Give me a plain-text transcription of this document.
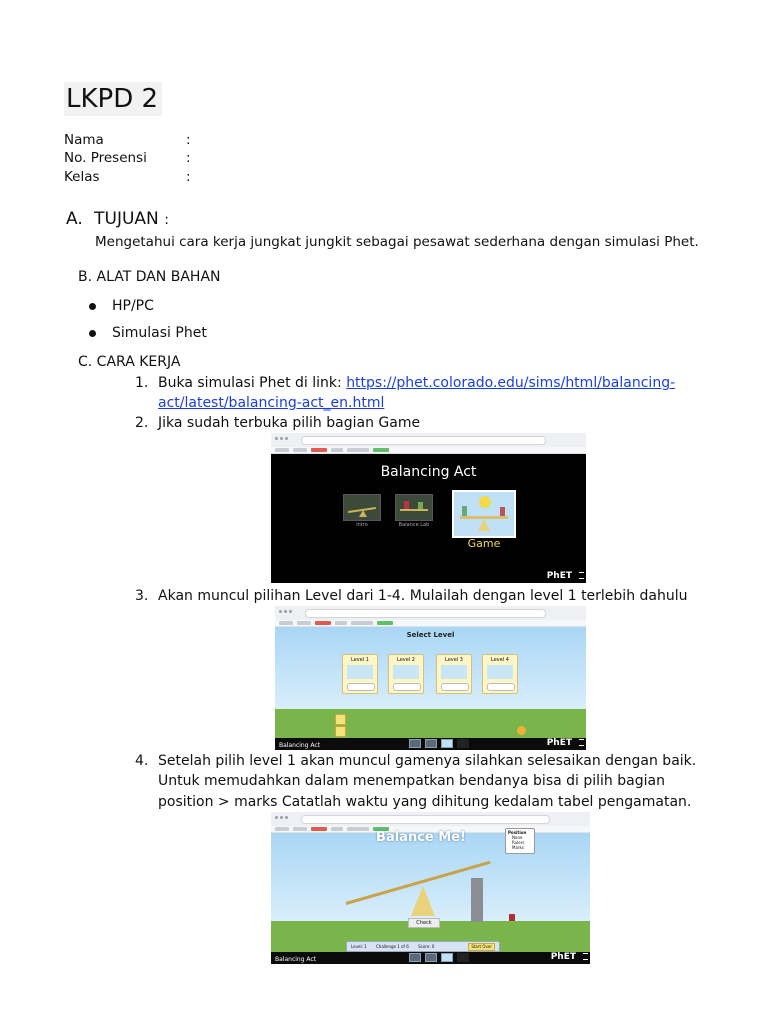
LKPD 2
Nama	:
No. Presensi	:
Kelas	:
A. TUJUAN :
Mengetahui cara kerja jungkat jungkit sebagai pesawat sederhana dengan simulasi Phet.
B. ALAT DAN BAHAN
HP/PC
Simulasi Phet
C. CARA KERJA
1. Buka simulasi Phet di link: https://phet.colorado.edu/sims/html/balancing-
act/latest/balancing-act_en.html
2. Jika sudah terbuka pilih bagian Game
Balancing Act
Intro	Balance Lab
Game
PhET
3. Akan muncul pilihan Level dari 1-4. Mulailah dengan level 1 terlebih dahulu
Select Level
Level 1	Level 2	Level 3	Level 4
Balancing Act	PhET
4. Setelah pilih level 1 akan muncul gamenya silahkan selesaikan dengan baik.
Untuk memudahkan dalam menempatkan bendanya bisa di pilih bagian
position > marks Catatlah waktu yang dihitung kedalam tabel pengamatan.
Balance Me!	Position
None
Rulers
Marks
Check
Level: 1 Challenge 1 of 6 Score: 0	Start Over
Balancing Act	PhET
